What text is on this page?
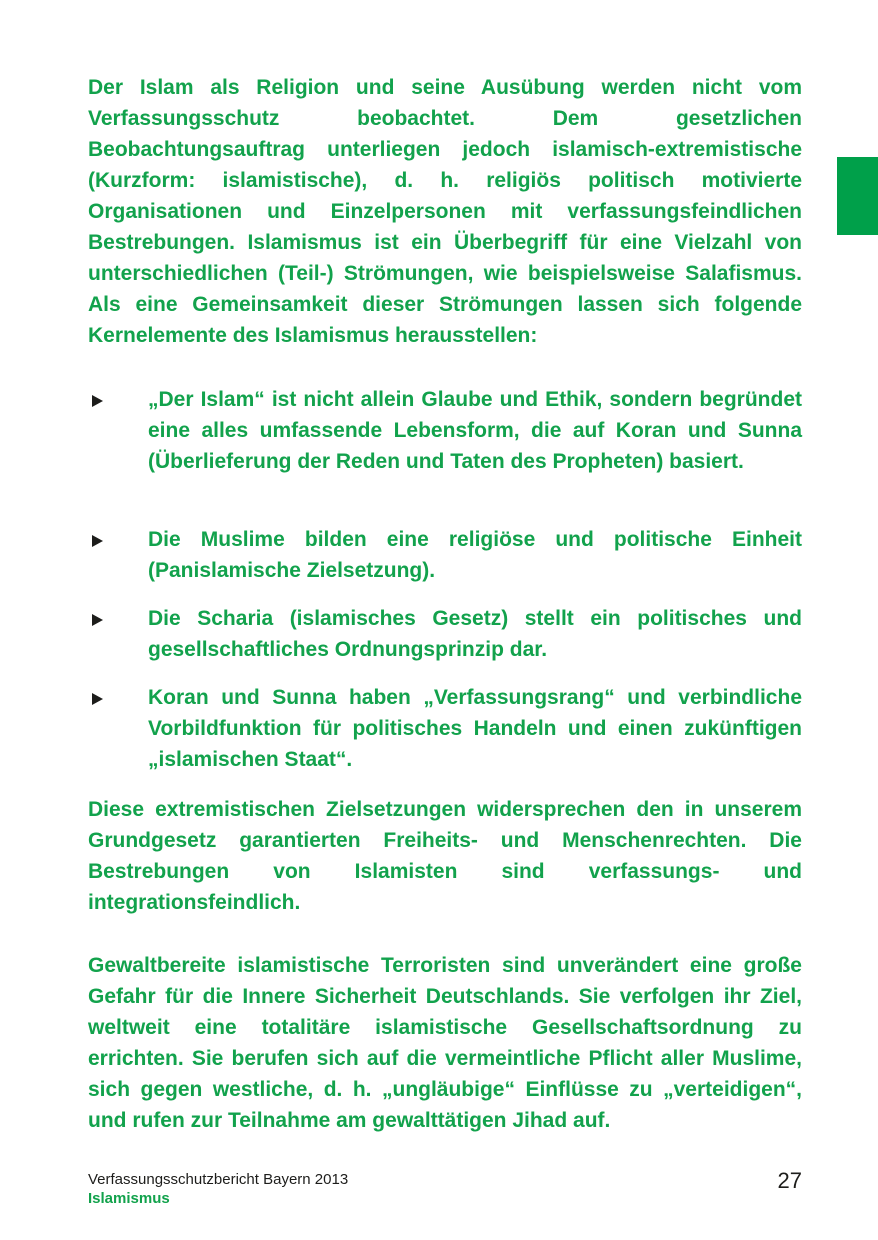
Der Islam als Religion und seine Ausübung werden nicht vom Verfassungsschutz beobachtet. Dem gesetzlichen Beobachtungsauftrag unterliegen jedoch islamisch-extremistische (Kurzform: islamistische), d. h. religiös politisch motivierte Organisationen und Einzelpersonen mit verfassungsfeindlichen Bestrebungen. Islamismus ist ein Überbegriff für eine Vielzahl von unterschiedlichen (Teil-) Strömungen, wie beispielsweise Salafismus. Als eine Gemeinsamkeit dieser Strömungen lassen sich folgende Kernelemente des Islamismus herausstellen:

„Der Islam“ ist nicht allein Glaube und Ethik, sondern begründet eine alles umfassende Lebensform, die auf Koran und Sunna (Überlieferung der Reden und Taten des Propheten) basiert.

Die Muslime bilden eine religiöse und politische Einheit (Panislamische Zielsetzung).

Die Scharia (islamisches Gesetz) stellt ein politisches und gesellschaftliches Ordnungsprinzip dar.

Koran und Sunna haben „Verfassungsrang“ und verbindliche Vorbildfunktion für politisches Handeln und einen zukünftigen „islamischen Staat“.

Diese extremistischen Zielsetzungen widersprechen den in unserem Grundgesetz garantierten Freiheits- und Menschenrechten. Die Bestrebungen von Islamisten sind verfassungs- und integrationsfeindlich.

Gewaltbereite islamistische Terroristen sind unverändert eine große Gefahr für die Innere Sicherheit Deutschlands. Sie verfolgen ihr Ziel, weltweit eine totalitäre islamistische Gesellschaftsordnung zu errichten. Sie berufen sich auf die vermeintliche Pflicht aller Muslime, sich gegen westliche, d. h. „ungläubige“ Einflüsse zu „verteidigen“, und rufen zur Teilnahme am gewalttätigen Jihad auf.

Verfassungsschutzbericht Bayern 2013
Islamismus
27
